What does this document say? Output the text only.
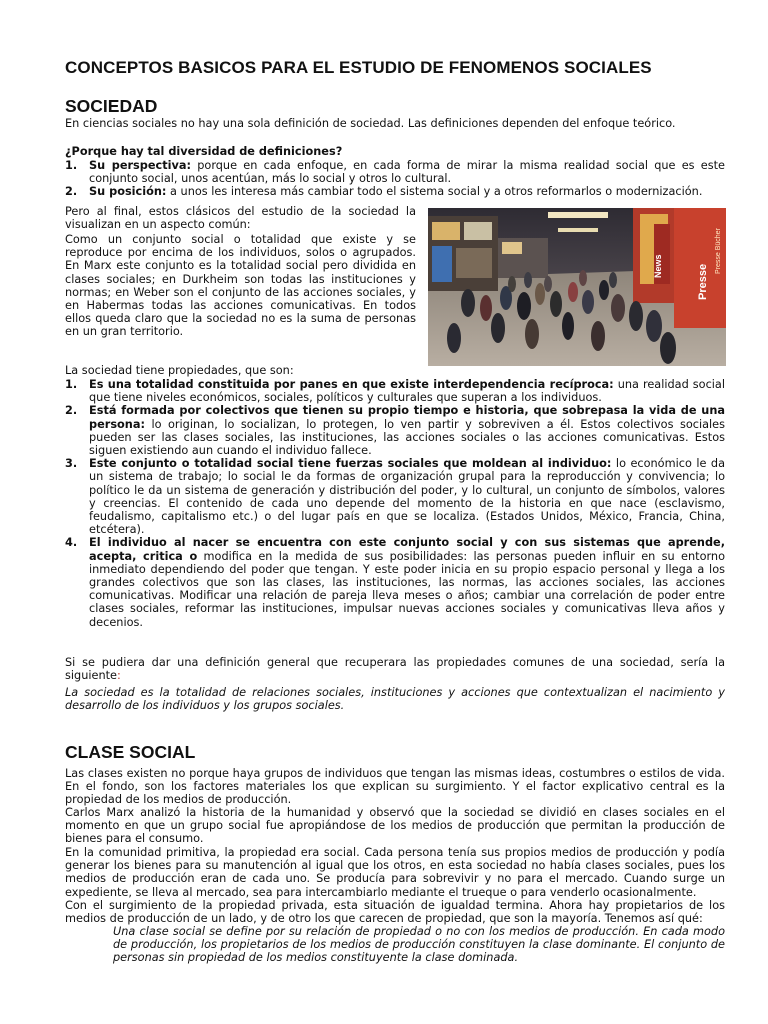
CONCEPTOS BASICOS PARA EL ESTUDIO DE FENOMENOS SOCIALES
SOCIEDAD

En ciencias sociales no hay una sola definición de sociedad. Las definiciones dependen del enfoque teórico.

¿Porque hay tal diversidad de definiciones?

1. Su perspectiva: porque en cada enfoque, en cada forma de mirar la misma realidad social que es este conjunto social, unos acentúan, más lo social y otros lo cultural.
2. Su posición: a unos les interesa más cambiar todo el sistema social y a otros reformarlos o modernización.

Pero al final, estos clásicos del estudio de la sociedad la visualizan en un aspecto común:

Como un conjunto social o totalidad que existe y se reproduce por encima de los individuos, solos o agrupados. En Marx este conjunto es la totalidad social pero dividida en clases sociales; en Durkheim son todas las instituciones y normas; en Weber son el conjunto de las acciones sociales, y en Habermas todas las acciones comunicativas. En todos ellos queda claro que la sociedad no es la suma de personas en un gran territorio.

News	Presse
Presse Bücher

La sociedad tiene propiedades, que son:

1. Es una totalidad constituida por panes en que existe interdependencia recíproca: una realidad social que tiene niveles económicos, sociales, políticos y culturales que superan a los individuos.
2. Está formada por colectivos que tienen su propio tiempo e historia, que sobrepasa la vida de una persona: lo originan, lo socializan, lo protegen, lo ven partir y sobreviven a él. Estos colectivos sociales pueden ser las clases sociales, las instituciones, las acciones sociales o las acciones comunicativas. Estos siguen existiendo aun cuando el individuo fallece.
3. Este conjunto o totalidad social tiene fuerzas sociales que moldean al individuo: lo económico le da un sistema de trabajo; lo social le da formas de organización grupal para la reproducción y convivencia; lo político le da un sistema de generación y distribución del poder, y lo cultural, un conjunto de símbolos, valores y creencias. El contenido de cada uno depende del momento de la historia en que nace (esclavismo, feudalismo, capitalismo etc.) o del lugar país en que se localiza. (Estados Unidos, México, Francia, China, etcétera).
4. El individuo al nacer se encuentra con este conjunto social y con sus sistemas que aprende, acepta, critica o modifica en la medida de sus posibilidades: las personas pueden influir en su entorno inmediato dependiendo del poder que tengan. Y este poder inicia en su propio espacio personal y llega a los grandes colectivos que son las clases, las instituciones, las normas, las acciones sociales, las acciones comunicativas. Modificar una relación de pareja lleva meses o años; cambiar una correlación de poder entre clases sociales, reformar las instituciones, impulsar nuevas acciones sociales y comunicativas lleva años y decenios.

Si se pudiera dar una definición general que recuperara las propiedades comunes de una sociedad, sería la siguiente:

La sociedad es la totalidad de relaciones sociales, instituciones y acciones que contextualizan el nacimiento y desarrollo de los individuos y los grupos sociales.

CLASE SOCIAL

Las clases existen no porque haya grupos de individuos que tengan las mismas ideas, costumbres o estilos de vida. En el fondo, son los factores materiales los que explican su surgimiento. Y el factor explicativo central es la propiedad de los medios de producción.

Carlos Marx analizó la historia de la humanidad y observó que la sociedad se dividió en clases sociales en el momento en que un grupo social fue apropiándose de los medios de producción que permitan la producción de bienes para el consumo.

En la comunidad primitiva, la propiedad era social. Cada persona tenía sus propios medios de producción y podía generar los bienes para su manutención al igual que los otros, en esta sociedad no había clases sociales, pues los medios de producción eran de cada uno. Se producía para sobrevivir y no para el mercado. Cuando surge un expediente, se lleva al mercado, sea para intercambiarlo mediante el trueque o para venderlo ocasionalmente.

Con el surgimiento de la propiedad privada, esta situación de igualdad termina. Ahora hay propietarios de los medios de producción de un lado, y de otro los que carecen de propiedad, que son la mayoría. Tenemos así qué:

Una clase social se define por su relación de propiedad o no con los medios de producción. En cada modo de producción, los propietarios de los medios de producción constituyen la clase dominante. El conjunto de personas sin propiedad de los medios constituyente la clase dominada.
